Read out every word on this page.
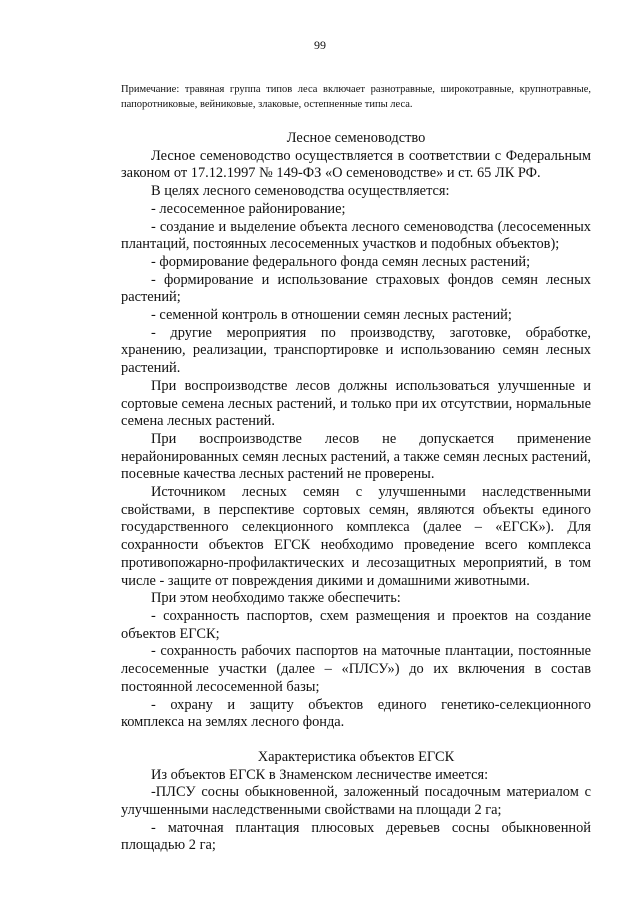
99
Примечание: травяная группа типов леса включает разнотравные, широкотравные, крупнотравные, папоротниковые, вейниковые, злаковые, остепненные типы леса.
Лесное семеноводство

Лесное семеноводство осуществляется в соответствии с Федеральным законом от 17.12.1997 № 149-ФЗ «О семеноводстве» и ст. 65 ЛК РФ.

В целях лесного семеноводства осуществляется:

- лесосеменное районирование;

- создание и выделение объекта лесного семеноводства (лесосеменных плантаций, постоянных лесосеменных участков и подобных объектов);

- формирование федерального фонда семян лесных растений;

- формирование и использование страховых фондов семян лесных растений;

- семенной контроль в отношении семян лесных растений;

- другие мероприятия по производству, заготовке, обработке, хранению, реализации, транспортировке и использованию семян лесных растений.

При воспроизводстве лесов должны использоваться улучшенные и сортовые семена лесных растений, и только при их отсутствии, нормальные семена лесных растений.

При воспроизводстве лесов не допускается применение нерайонированных семян лесных растений, а также семян лесных растений, посевные качества лесных растений не проверены.

Источником лесных семян с улучшенными наследственными свойствами, в перспективе сортовых семян, являются объекты единого государственного селекционного комплекса (далее – «ЕГСК»). Для сохранности объектов ЕГСК необходимо проведение всего комплекса противопожарно-профилактических и лесозащитных мероприятий, в том числе - защите от повреждения дикими и домашними животными.

При этом необходимо также обеспечить:

- сохранность паспортов, схем размещения и проектов на создание объектов ЕГСК;

- сохранность рабочих паспортов на маточные плантации, постоянные лесосеменные участки (далее – «ПЛСУ») до их включения в состав постоянной лесосеменной базы;

- охрану и защиту объектов единого генетико-селекционного комплекса на землях лесного фонда.

Характеристика объектов ЕГСК

Из объектов ЕГСК в Знаменском лесничестве имеется:

-ПЛСУ сосны обыкновенной, заложенный посадочным материалом с улучшенными наследственными свойствами на площади 2 га;

- маточная плантация плюсовых деревьев сосны обыкновенной площадью 2 га;
